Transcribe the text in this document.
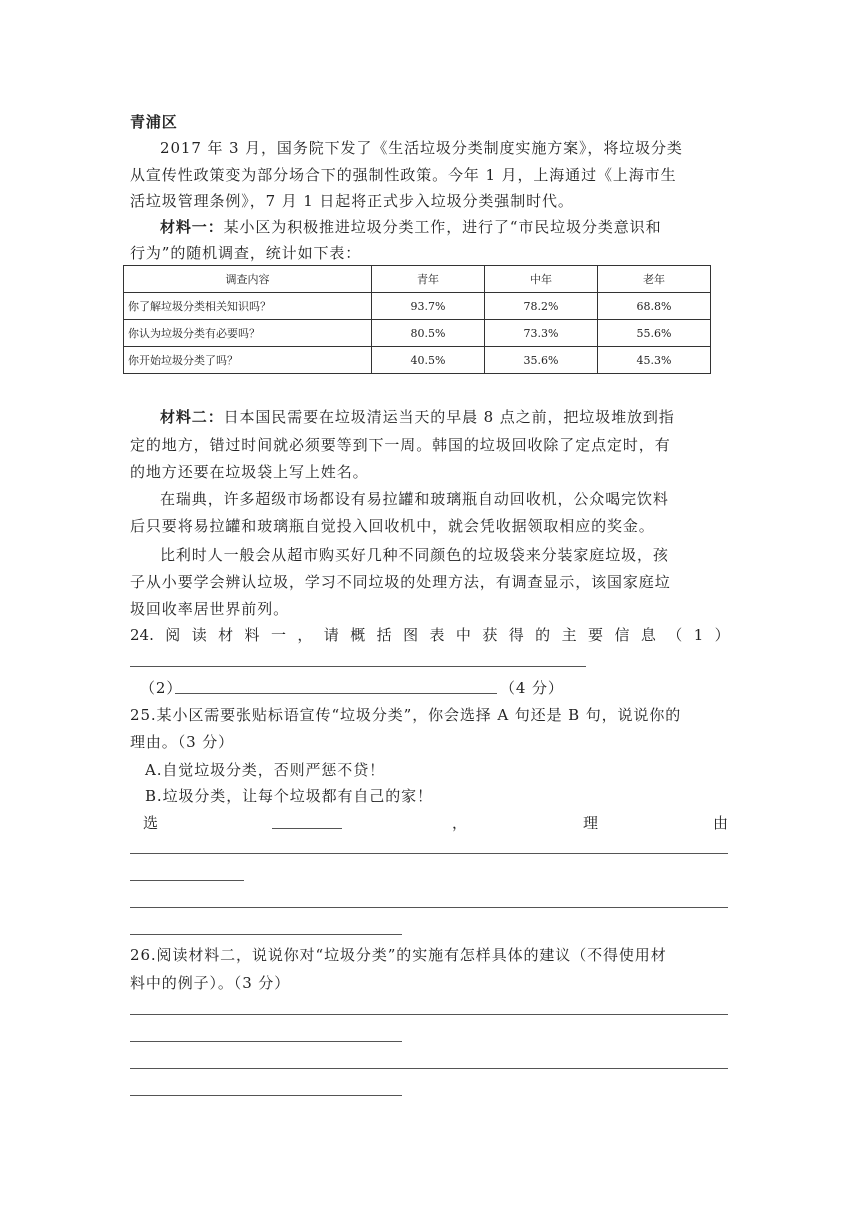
青浦区
2017 年 3 月，国务院下发了《生活垃圾分类制度实施方案》，将垃圾分类
从宣传性政策变为部分场合下的强制性政策。今年 1 月，上海通过《上海市生
活垃圾管理条例》，7 月 1 日起将正式步入垃圾分类强制时代。
材料一：某小区为积极推进垃圾分类工作，进行了“市民垃圾分类意识和
行为”的随机调查，统计如下表：
调查内容	青年	中年	老年
你了解垃圾分类相关知识吗？	93.7%	78.2%	68.8%
你认为垃圾分类有必要吗？	80.5%	73.3%	55.6%
你开始垃圾分类了吗？	40.5%	35.6%	45.3%
材料二：日本国民需要在垃圾清运当天的早晨 8 点之前，把垃圾堆放到指
定的地方，错过时间就必须要等到下一周。韩国的垃圾回收除了定点定时，有
的地方还要在垃圾袋上写上姓名。
在瑞典，许多超级市场都设有易拉罐和玻璃瓶自动回收机，公众喝完饮料
后只要将易拉罐和玻璃瓶自觉投入回收机中，就会凭收据领取相应的奖金。
比利时人一般会从超市购买好几种不同颜色的垃圾袋来分装家庭垃圾，孩
子从小要学会辨认垃圾，学习不同垃圾的处理方法，有调查显示，该国家庭垃
圾回收率居世界前列。
24. 阅 读 材 料 一 ， 请 概 括 图 表 中 获 得 的 主 要 信 息 （ 1 ）
（2）	（4 分）
25.某小区需要张贴标语宣传“垃圾分类”，你会选择 A 句还是 B 句，说说你的
理由。（3 分）
A.自觉垃圾分类，否则严惩不贷！
B.垃圾分类，让每个垃圾都有自己的家！
选	，	理	由
26.阅读材料二，说说你对“垃圾分类”的实施有怎样具体的建议（不得使用材
料中的例子）。（3 分）
